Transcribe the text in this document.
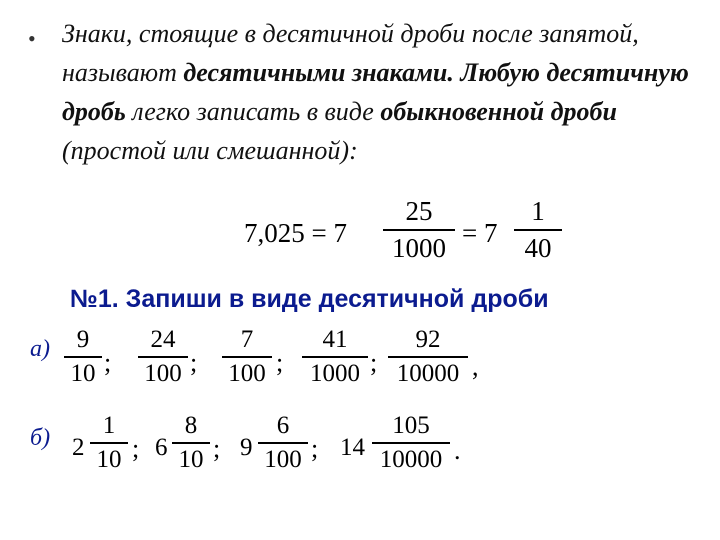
• Знаки, стоящие в десятичной дроби после запятой, называют десятичными знаками. Любую десятичную дробь легко записать в виде обыкновенной дроби (простой или смешанной):

7,025 = 7
25
1000 = 7
1
40
№1. Запиши в виде десятичной дроби
а)	9
10 ;
24
100 ;
7
100 ;
41
1000 ;
92
10000 ,
б) 2
1
10 ; 6
8
10 ; 9
6
100 ; 14
105
10000 .
